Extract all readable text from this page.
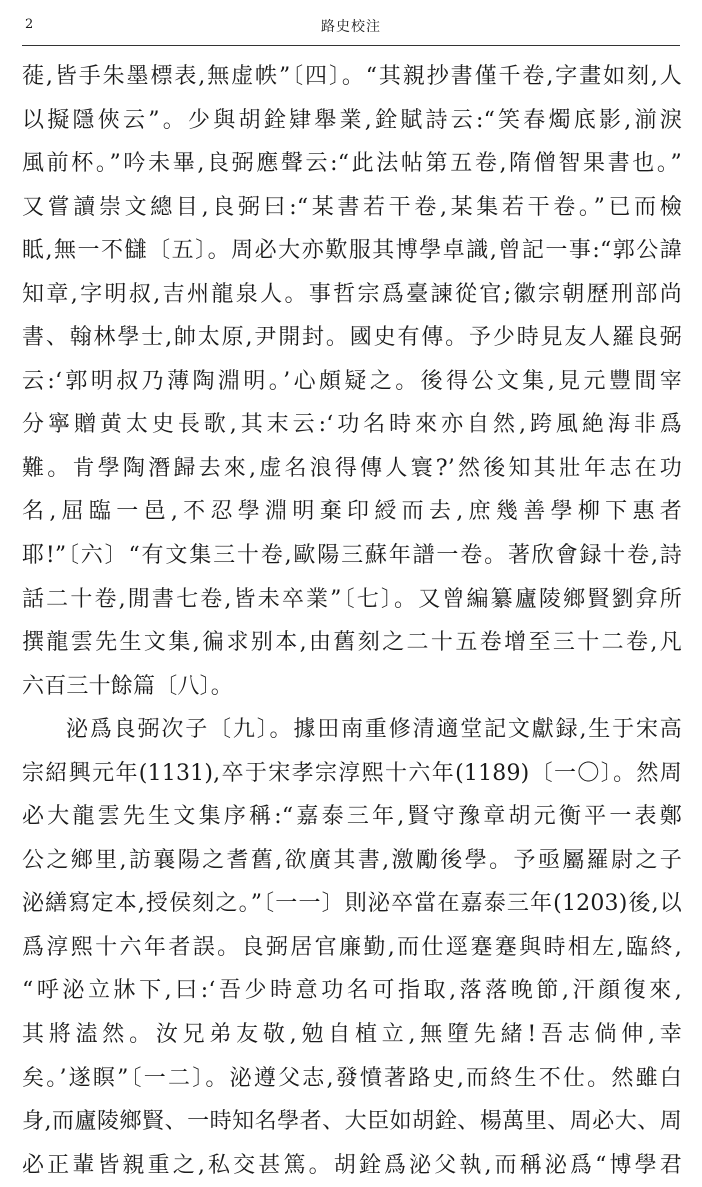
2	路史校注
蓰,皆手朱墨標表,無虚帙”〔四〕。“其親抄書僅千卷,字畫如刻,人
以擬隱俠云”。少與胡銓肄舉業,銓賦詩云:“笑春燭底影,湔淚
風前杯。”吟未畢,良弼應聲云:“此法帖第五卷,隋僧智果書也。”
又嘗讀崇文總目,良弼曰:“某書若干卷,某集若干卷。”已而檢
眡,無一不讎〔五〕。周必大亦歎服其博學卓識,曾記一事:“郭公諱
知章,字明叔,吉州龍泉人。事哲宗爲臺諫從官;徽宗朝歷刑部尚
書、翰林學士,帥太原,尹開封。國史有傳。予少時見友人羅良弼
云:‘郭明叔乃薄陶淵明。’心頗疑之。後得公文集,見元豐間宰
分寧贈黄太史長歌,其末云:‘功名時來亦自然,跨風絶海非爲
難。肯學陶潛歸去來,虚名浪得傳人寰?’然後知其壯年志在功
名,屈臨一邑,不忍學淵明棄印綬而去,庶幾善學柳下惠者
耶!”〔六〕“有文集三十卷,歐陽三蘇年譜一卷。著欣會録十卷,詩
話二十卷,閒書七卷,皆未卒業”〔七〕。又曾編纂廬陵鄉賢劉弇所
撰龍雲先生文集,徧求别本,由舊刻之二十五卷增至三十二卷,凡
六百三十餘篇〔八〕。
泌爲良弼次子〔九〕。據田南重修清適堂記文獻録,生于宋高
宗紹興元年(1131),卒于宋孝宗淳熙十六年(1189)〔一〇〕。然周
必大龍雲先生文集序稱:“嘉泰三年,賢守豫章胡元衡平一表鄭
公之鄉里,訪襄陽之耆舊,欲廣其書,激勵後學。予亟屬羅尉之子
泌繕寫定本,授侯刻之。”〔一一〕則泌卒當在嘉泰三年(1203)後,以
爲淳熙十六年者誤。良弼居官廉勤,而仕逕蹇蹇與時相左,臨終,
“呼泌立牀下,曰:‘吾少時意功名可指取,落落晚節,汗顔復來,
其將溘然。汝兄弟友敬,勉自植立,無墮先緒!吾志倘伸,幸
矣。’遂瞑”〔一二〕。泌遵父志,發憤著路史,而終生不仕。然雖白
身,而廬陵鄉賢、一時知名學者、大臣如胡銓、楊萬里、周必大、周
必正輩皆親重之,私交甚篤。胡銓爲泌父執,而稱泌爲“博學君
